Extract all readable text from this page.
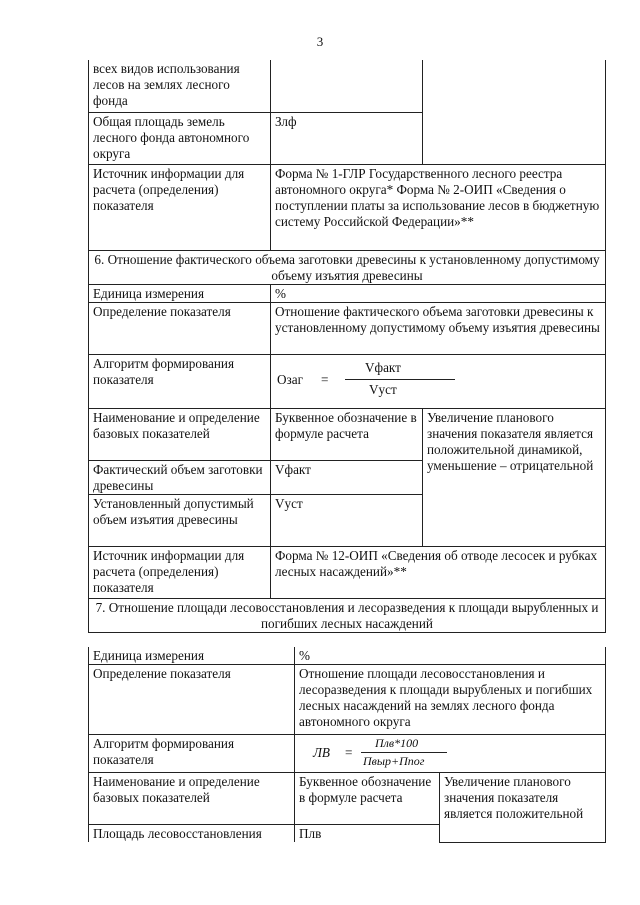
3
всех видов использования лесов на землях лесного фонда		
Общая площадь земель лесного фонда автономного округа	Злф	
Источник информации для расчета (определения) показателя	Форма № 1-ГЛР Государственного лесного реестра автономного округа* Форма № 2-ОИП «Сведения о поступлении платы за использование лесов в бюджетную систему Российской Федерации»**	
6. Отношение фактического объема заготовки древесины к установленному допустимому объему изъятия древесины		
Единица измерения	%	
Определение показателя	Отношение фактического объема заготовки древесины к установленному допустимому объему изъятия древесины	
Алгоритм формирования показателя	Озаг =
Vфакт
Vуст	

Наименование и определение базовых показателей	Буквенное обозначение в формуле расчета	Увеличение планового значения показателя является положительной динамикой, уменьшение – отрицательной
Фактический объем заготовки древесины	Vфакт	
Установленный допустимый объем изъятия древесины	Vуст	
Источник информации для расчета (определения) показателя	Форма № 12-ОИП «Сведения об отводе лесосек и рубках лесных насаждений»**	
7. Отношение площади лесовосстановления и лесоразведения к площади вырубленных и погибших лесных насаждений		
Единица измерения	%	
Определение показателя	Отношение площади лесовосстановления и лесоразведения к площади вырубленых и погибших лесных насаждений на землях лесного фонда автономного округа	
Алгоритм формирования показателя	ЛВ =
Плв*100
Пвыр+Ппог	

Наименование и определение базовых показателей	Буквенное обозначение в формуле расчета	Увеличение планового значения показателя является положительной
Площадь лесовосстановления	Плв	
